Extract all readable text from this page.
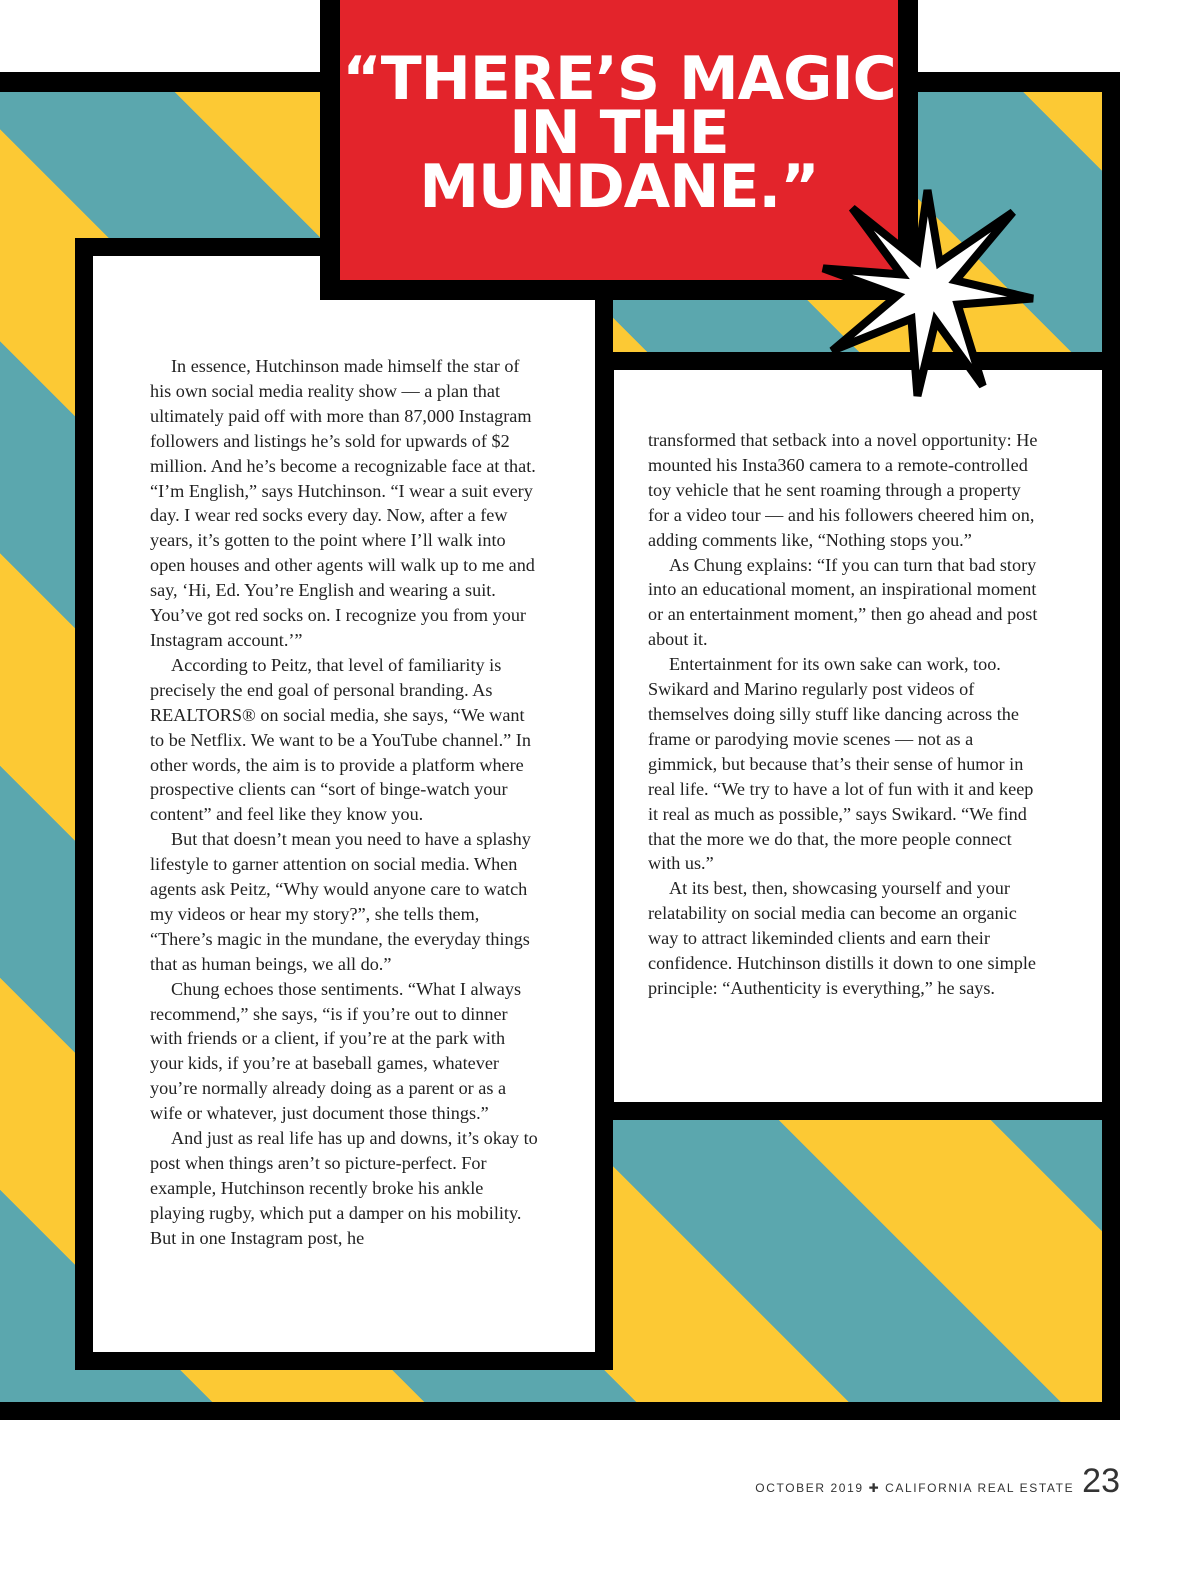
“THERE’S MAGIC IN THE MUNDANE.”

In essence, Hutchinson made himself the star of his own social media reality show — a plan that ultimately paid off with more than 87,000 Instagram followers and listings he’s sold for upwards of $2 million. And he’s become a recognizable face at that. “I’m English,” says Hutchinson. “I wear a suit every day. I wear red socks every day. Now, after a few years, it’s gotten to the point where I’ll walk into open houses and other agents will walk up to me and say, ‘Hi, Ed. You’re English and wearing a suit. You’ve got red socks on. I recognize you from your Instagram account.’”

According to Peitz, that level of familiarity is precisely the end goal of personal branding. As REALTORS® on social media, she says, “We want to be Netflix. We want to be a YouTube channel.” In other words, the aim is to provide a platform where prospective clients can “sort of binge-watch your content” and feel like they know you.

But that doesn’t mean you need to have a splashy lifestyle to garner attention on social media. When agents ask Peitz, “Why would anyone care to watch my videos or hear my story?”, she tells them, “There’s magic in the mundane, the everyday things that as human beings, we all do.”

Chung echoes those sentiments. “What I always recommend,” she says, “is if you’re out to dinner with friends or a client, if you’re at the park with your kids, if you’re at baseball games, whatever you’re normally already doing as a parent or as a wife or whatever, just document those things.”

And just as real life has up and downs, it’s okay to post when things aren’t so picture-perfect. For example, Hutchinson recently broke his ankle playing rugby, which put a damper on his mobility. But in one Instagram post, he

transformed that setback into a novel opportunity: He mounted his Insta360 camera to a remote-controlled toy vehicle that he sent roaming through a property for a video tour — and his followers cheered him on, adding comments like, “Nothing stops you.”

As Chung explains: “If you can turn that bad story into an educational moment, an inspirational moment or an entertainment moment,” then go ahead and post about it.

Entertainment for its own sake can work, too. Swikard and Marino regularly post videos of themselves doing silly stuff like dancing across the frame or parodying movie scenes — not as a gimmick, but because that’s their sense of humor in real life. “We try to have a lot of fun with it and keep it real as much as possible,” says Swikard. “We find that the more we do that, the more people connect with us.”

At its best, then, showcasing yourself and your relatability on social media can become an organic way to attract likeminded clients and earn their confidence. Hutchinson distills it down to one simple principle: “Authenticity is everything,” he says.

OCTOBER 2019 ✚ CALIFORNIA REAL ESTATE 23
